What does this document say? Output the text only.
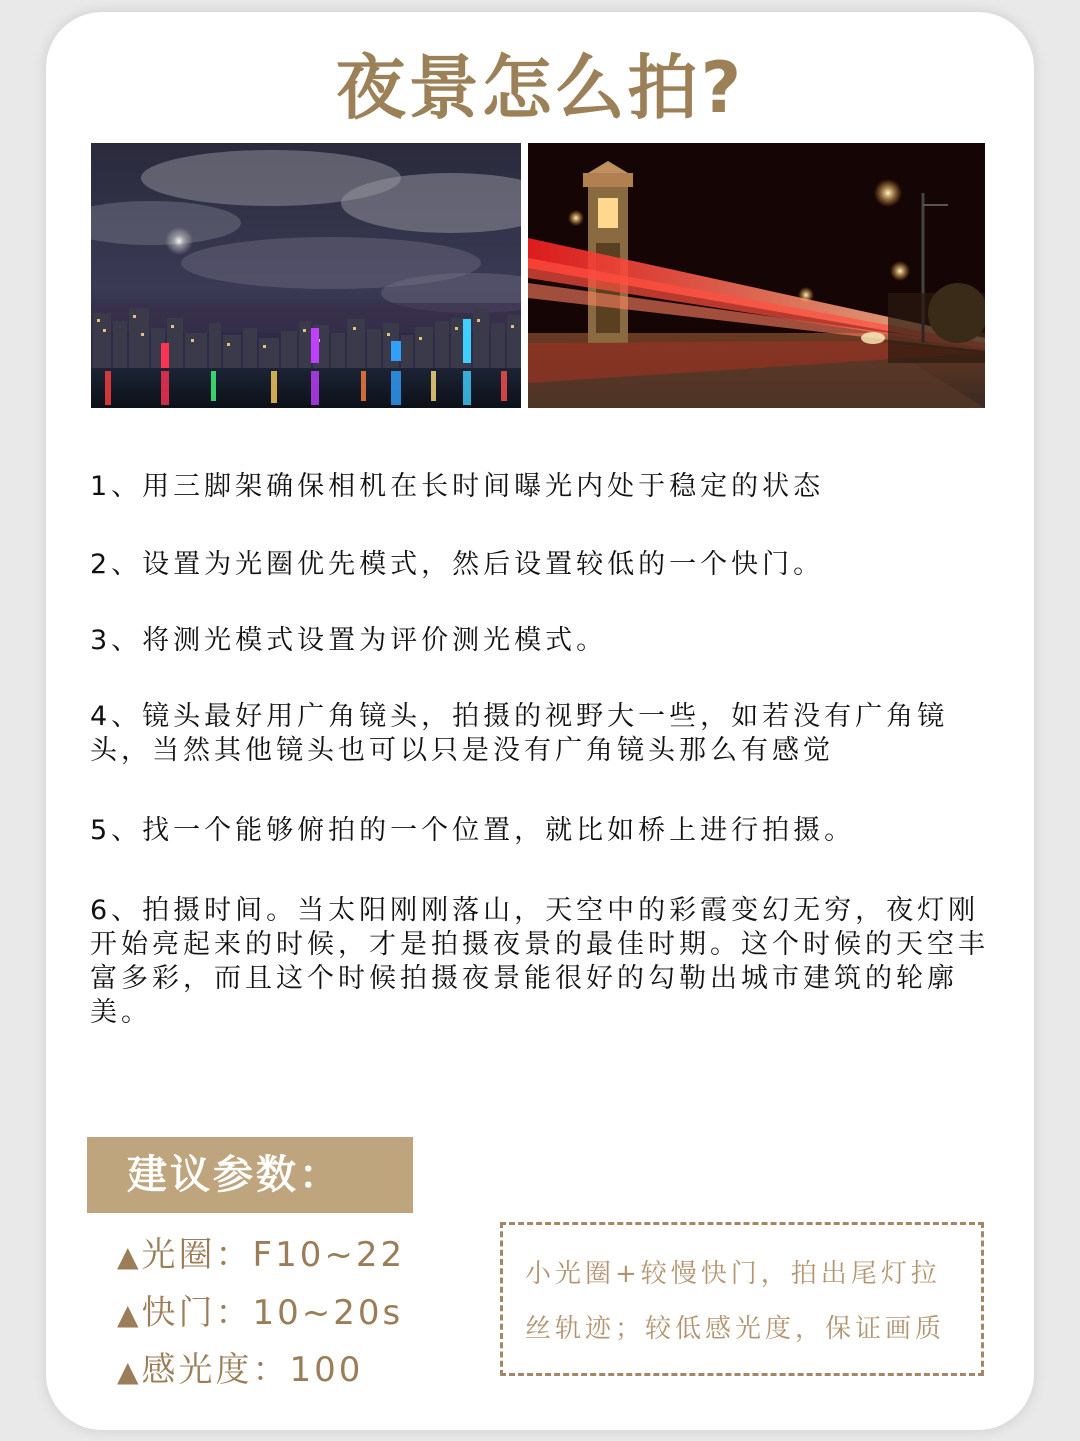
夜景怎么拍?
1、用三脚架确保相机在长时间曝光内处于稳定的状态
2、设置为光圈优先模式，然后设置较低的一个快门。
3、将测光模式设置为评价测光模式。
4、镜头最好用广角镜头，拍摄的视野大一些，如若没有广角镜头，当然其他镜头也可以只是没有广角镜头那么有感觉
5、找一个能够俯拍的一个位置，就比如桥上进行拍摄。
6、拍摄时间。当太阳刚刚落山，天空中的彩霞变幻无穷，夜灯刚开始亮起来的时候，才是拍摄夜景的最佳时期。这个时候的天空丰富多彩，而且这个时候拍摄夜景能很好的勾勒出城市建筑的轮廓美。
建议参数：
▲光圈：F10~22
▲快门：10~20s
▲感光度：100
小光圈+较慢快门，拍出尾灯拉
丝轨迹；较低感光度，保证画质
